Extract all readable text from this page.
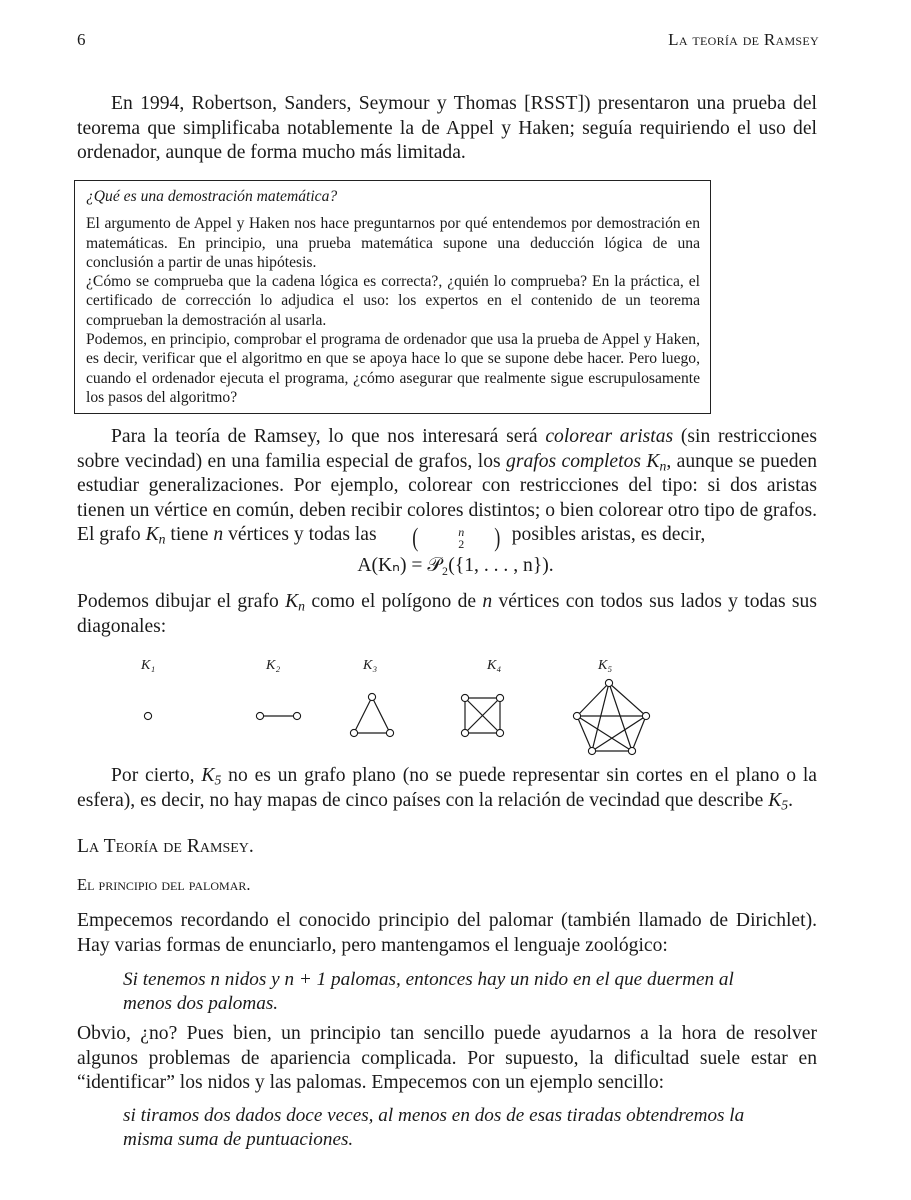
6	La teoría de Ramsey

En 1994, Robertson, Sanders, Seymour y Thomas [RSST]) presentaron una prueba del teorema que simplificaba notablemente la de Appel y Haken; seguía requiriendo el uso del ordenador, aunque de forma mucho más limitada.

¿Qué es una demostración matemática?

El argumento de Appel y Haken nos hace preguntarnos por qué entendemos por demostración en matemáticas. En principio, una prueba matemática supone una deducción lógica de una conclusión a partir de unas hipótesis.

¿Cómo se comprueba que la cadena lógica es correcta?, ¿quién lo comprueba? En la práctica, el certificado de corrección lo adjudica el uso: los expertos en el contenido de un teorema comprueban la demostración al usarla.

Podemos, en principio, comprobar el programa de ordenador que usa la prueba de Appel y Haken, es decir, verificar que el algoritmo en que se apoya hace lo que se supone debe hacer. Pero luego, cuando el ordenador ejecuta el programa, ¿cómo asegurar que realmente sigue escrupulosamente los pasos del algoritmo?

Para la teoría de Ramsey, lo que nos interesará será colorear aristas (sin restricciones sobre vecindad) en una familia especial de grafos, los grafos completos $K_n$, aunque se pueden estudiar generalizaciones. Por ejemplo, colorear con restricciones del tipo: si dos aristas tienen un vértice en común, deben recibir colores distintos; o bien colorear otro tipo de grafos. El grafo $K_n$ tiene n vértices y todas las	(	n
2	) posibles aristas, es decir,

A(Kₙ) = 𝒫₂({1, . . . , n}).

Podemos dibujar el grafo $K_n$ como el polígono de n vértices con todos sus lados y todas sus diagonales:

K₁	K₂	K₃	K₄	K₅

Por cierto, $K_5$ no es un grafo plano (no se puede representar sin cortes en el plano o la esfera), es decir, no hay mapas de cinco países con la relación de vecindad que describe $K_5$.

La Teoría de Ramsey.
El principio del palomar.

Empecemos recordando el conocido principio del palomar (también llamado de Dirichlet). Hay varias formas de enunciarlo, pero mantengamos el lenguaje zoológico:

Si tenemos n nidos y n + 1 palomas, entonces hay un nido en el que duermen al menos dos palomas.

Obvio, ¿no? Pues bien, un principio tan sencillo puede ayudarnos a la hora de resolver algunos problemas de apariencia complicada. Por supuesto, la dificultad suele estar en “identificar” los nidos y las palomas. Empecemos con un ejemplo sencillo:

si tiramos dos dados doce veces, al menos en dos de esas tiradas obtendremos la misma suma de puntuaciones.
